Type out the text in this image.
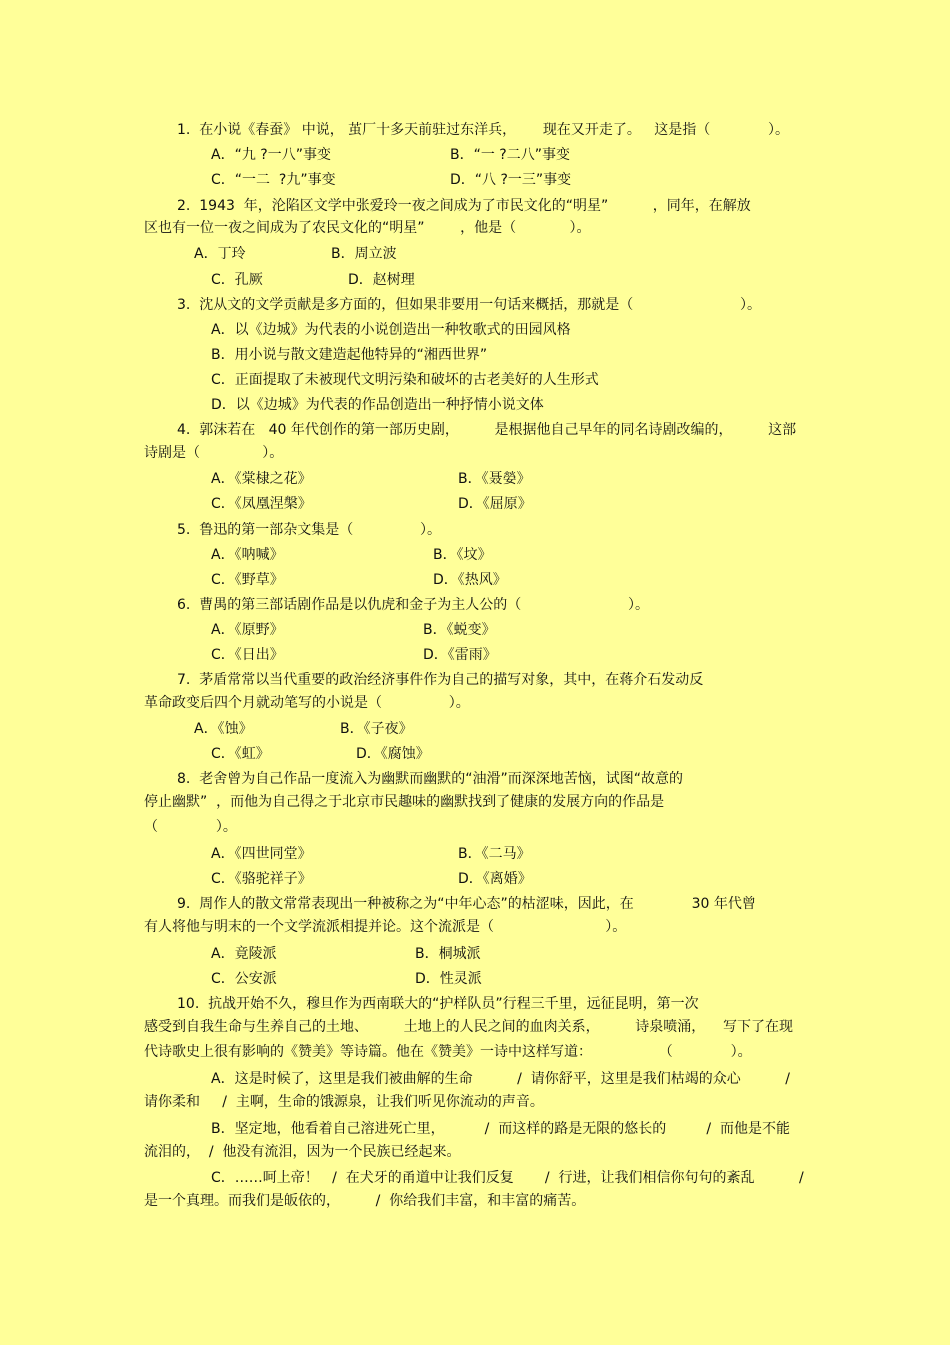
1.  在小说《春蚕》 中说， 茧厂十多天前驻过东洋兵，      现在又开走了。   这是指（             ）。
A．“九 ?一八”事变	B．“一 ?二八”事变
C．“一二  ?九”事变	D．“八 ?一三”事变
2.  1943  年，沦陷区文学中张爱玲一夜之间成为了市民文化的“明星”          ，同年，在解放
区也有一位一夜之间成为了农民文化的“明星”        ，他是（            ）。
A．丁玲	B．周立波
C．孔厥	D．赵树理
3.  沈从文的文学贡献是多方面的，但如果非要用一句话来概括，那就是（                        ）。
A．以《边城》为代表的小说创造出一种牧歌式的田园风格
B．用小说与散文建造起他特异的“湘西世界”
C．正面提取了未被现代文明污染和破坏的古老美好的人生形式
D．以《边城》为代表的作品创造出一种抒情小说文体
4.  郭沫若在   40 年代创作的第一部历史剧，        是根据他自己早年的同名诗剧改编的，        这部
诗剧是（              ）。
A．《棠棣之花》	B．《聂嫈》
C．《凤凰涅槃》	D．《屈原》
5.  鲁迅的第一部杂文集是（               ）。
A．《呐喊》	B．《坟》
C．《野草》	D．《热风》
6.  曹禺的第三部话剧作品是以仇虎和金子为主人公的（                        ）。
A．《原野》	B．《蜕变》
C．《日出》	D．《雷雨》
7.  茅盾常常以当代重要的政治经济事件作为自己的描写对象，其中，在蒋介石发动反
革命政变后四个月就动笔写的小说是（               ）。
A．《蚀》	B．《子夜》
C．《虹》	D．《腐蚀》
8.  老舍曾为自己作品一度流入为幽默而幽默的“油滑”而深深地苦恼，试图“故意的
停止幽默”  ，而他为自己得之于北京市民趣味的幽默找到了健康的发展方向的作品是
（             ）。
A．《四世同堂》	B．《二马》
C．《骆驼祥子》	D．《离婚》
9.  周作人的散文常常表现出一种被称之为“中年心态”的枯涩味，因此，在             30 年代曾
有人将他与明末的一个文学流派相提并论。这个流派是（                         ）。
A．竟陵派	B．桐城派
C．公安派	D．性灵派
10.  抗战开始不久，穆旦作为西南联大的“护样队员”行程三千里，远征昆明，第一次
感受到自我生命与生养自己的土地、        土地上的人民之间的血肉关系，        诗泉喷涌，    写下了在现
代诗歌史上很有影响的《赞美》等诗篇。他在《赞美》一诗中这样写道：               （             ）。
A．这是时候了，这里是我们被曲解的生命          /  请你舒平，这里是我们枯竭的众心          /
请你柔和     /  主啊，生命的饿源泉，让我们听见你流动的声音。
B．坚定地，他看着自己溶进死亡里，         /  而这样的路是无限的悠长的         /  而他是不能
流泪的，  /  他没有流泪，因为一个民族已经起来。
C．……呵上帝！   /  在犬牙的甬道中让我们反复       /  行进，让我们相信你句句的紊乱          /
是一个真理。而我们是皈依的，        /  你给我们丰富，和丰富的痛苦。
